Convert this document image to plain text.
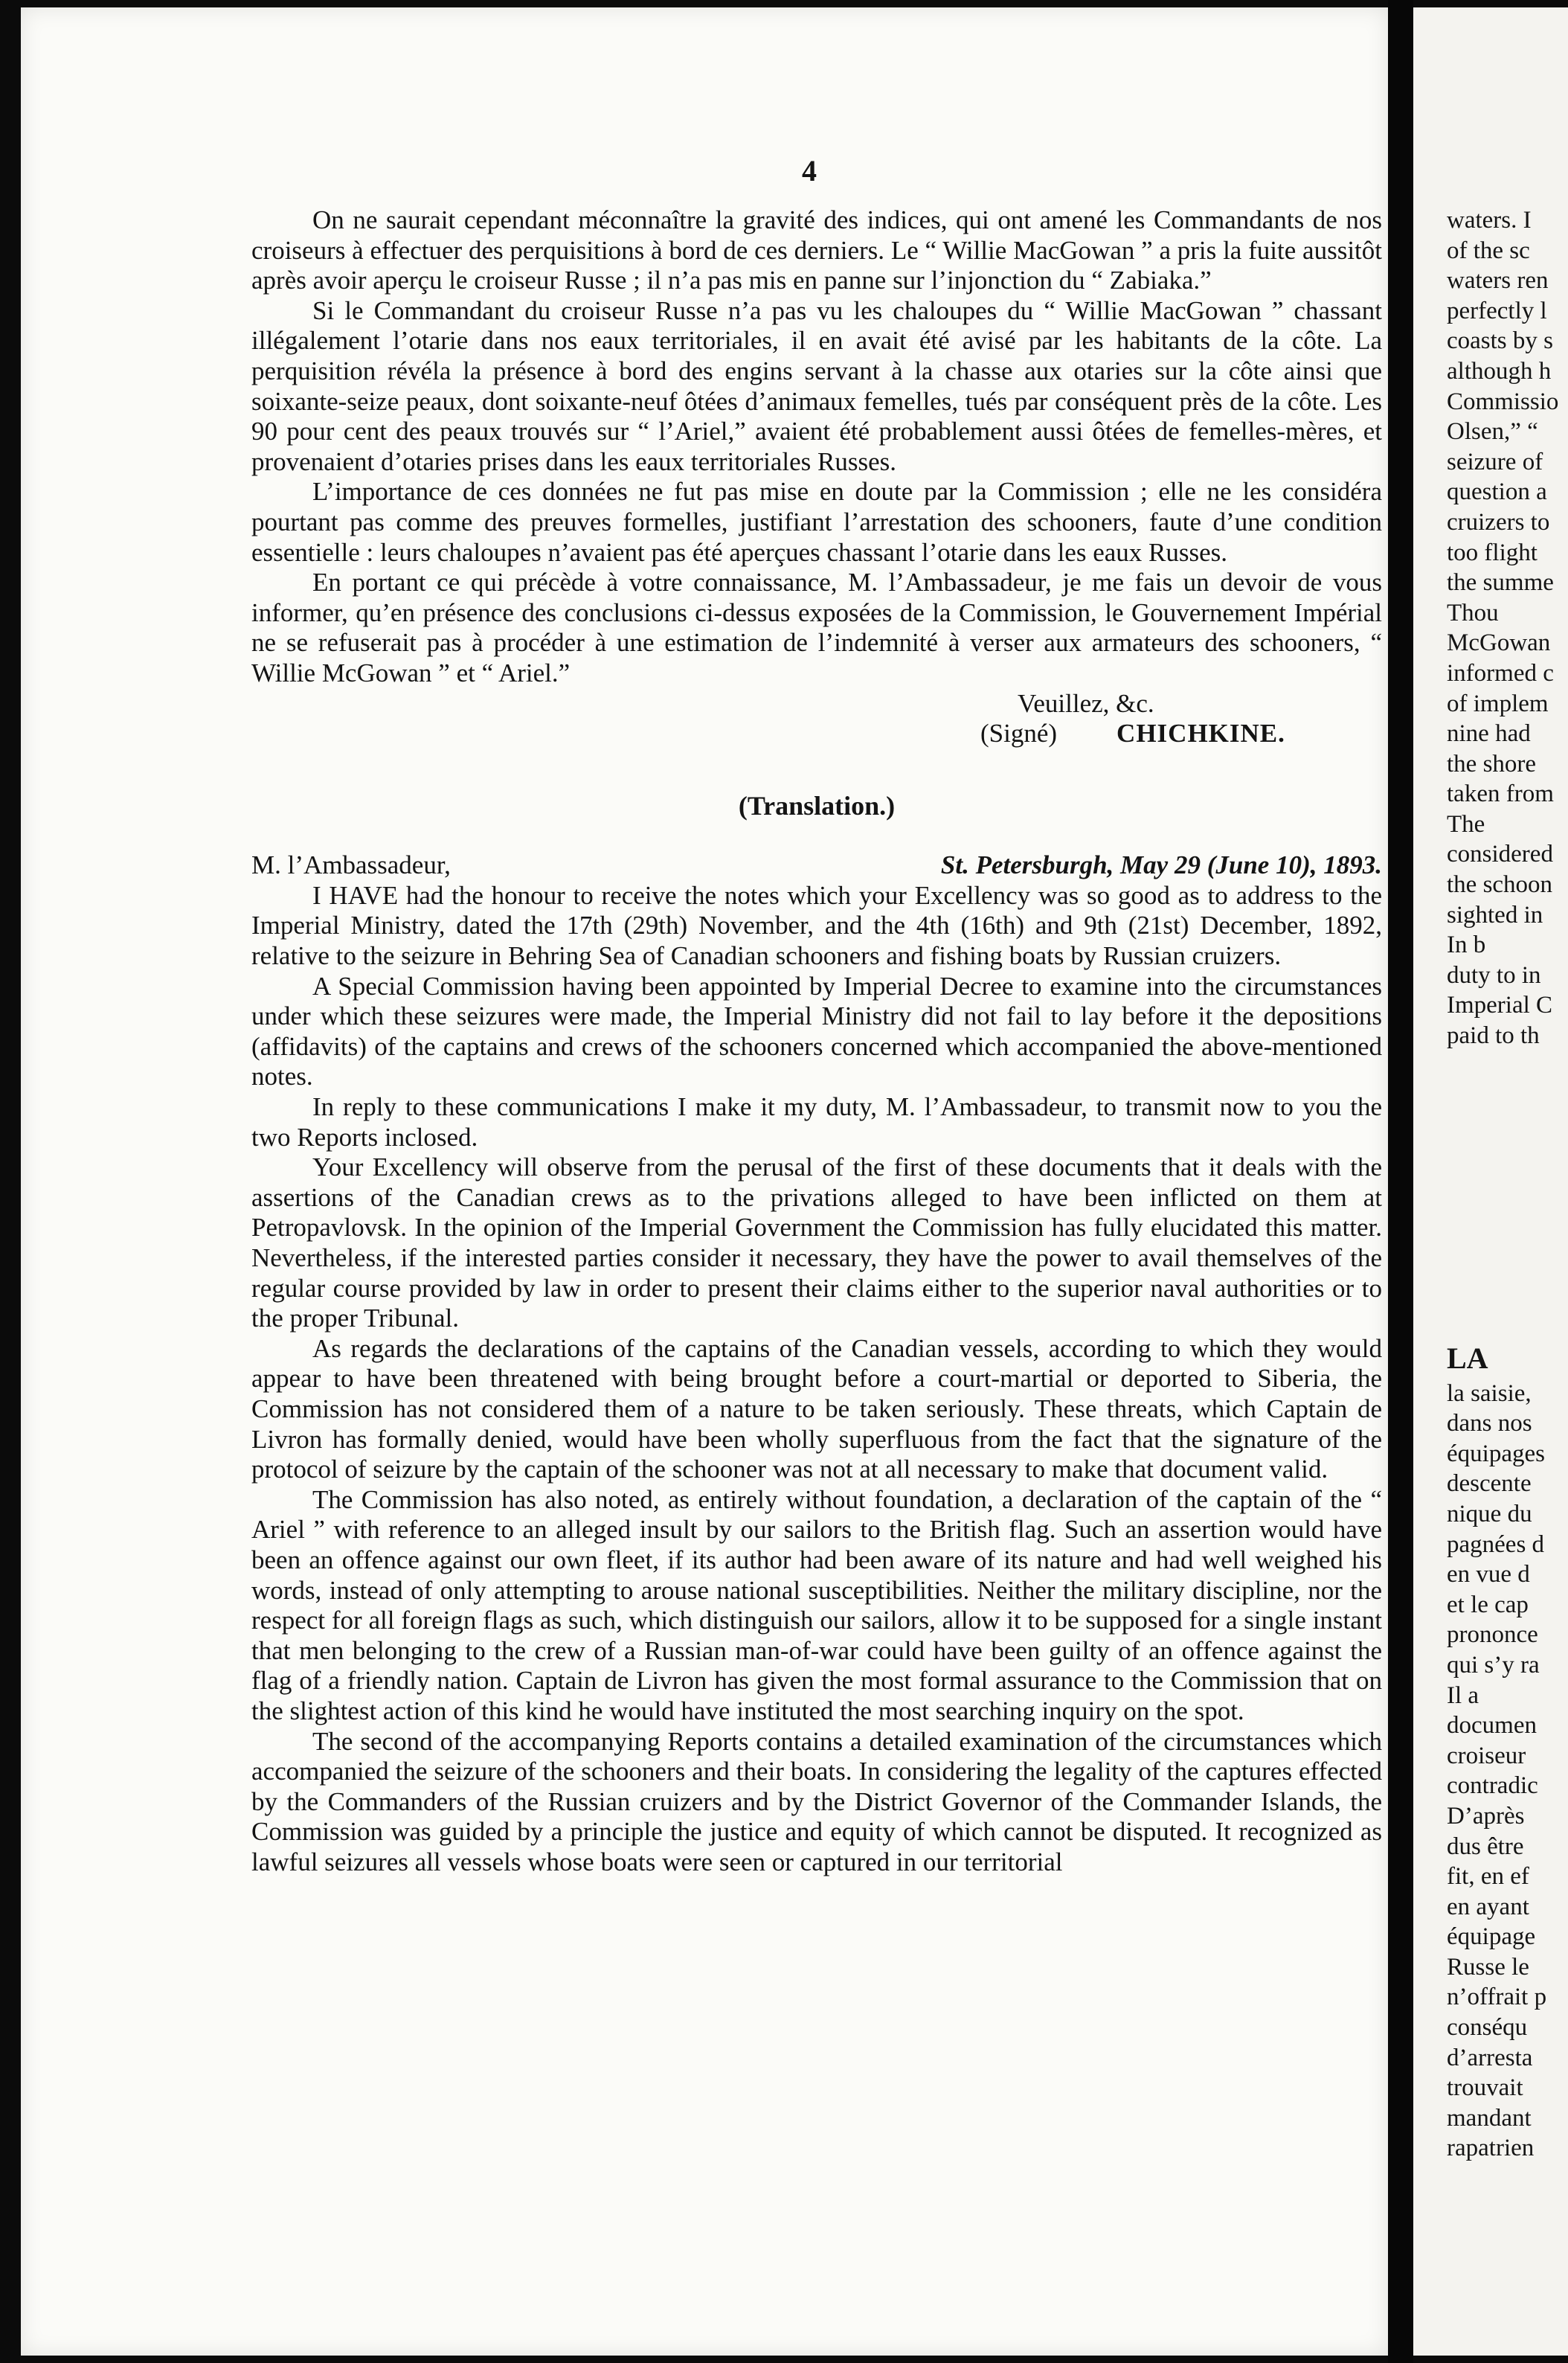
4

On ne saurait cependant méconnaître la gravité des indices, qui ont amené les Commandants de nos croiseurs à effectuer des perquisitions à bord de ces derniers. Le “ Willie MacGowan ” a pris la fuite aussitôt après avoir aperçu le croiseur Russe ; il n’a pas mis en panne sur l’injonction du “ Zabiaka.”

Si le Commandant du croiseur Russe n’a pas vu les chaloupes du “ Willie MacGowan ” chassant illégalement l’otarie dans nos eaux territoriales, il en avait été avisé par les habitants de la côte. La perquisition révéla la présence à bord des engins servant à la chasse aux otaries sur la côte ainsi que soixante-seize peaux, dont soixante-neuf ôtées d’animaux femelles, tués par conséquent près de la côte. Les 90 pour cent des peaux trouvés sur “ l’Ariel,” avaient été probablement aussi ôtées de femelles-mères, et provenaient d’otaries prises dans les eaux territoriales Russes.

L’importance de ces données ne fut pas mise en doute par la Commission ; elle ne les considéra pourtant pas comme des preuves formelles, justifiant l’arrestation des schooners, faute d’une condition essentielle : leurs chaloupes n’avaient pas été aperçues chassant l’otarie dans les eaux Russes.

En portant ce qui précède à votre connaissance, M. l’Ambassadeur, je me fais un devoir de vous informer, qu’en présence des conclusions ci-dessus exposées de la Commission, le Gouvernement Impérial ne se refuserait pas à procéder à une estimation de l’indemnité à verser aux armateurs des schooners, “ Willie McGowan ” et “ Ariel.”

Veuillez, &c.

(Signé) CHICHKINE.

(Translation.)

M. l’Ambassadeur,	St. Petersburgh, May 29 (June 10), 1893.

I HAVE had the honour to receive the notes which your Excellency was so good as to address to the Imperial Ministry, dated the 17th (29th) November, and the 4th (16th) and 9th (21st) December, 1892, relative to the seizure in Behring Sea of Canadian schooners and fishing boats by Russian cruizers.

A Special Commission having been appointed by Imperial Decree to examine into the circumstances under which these seizures were made, the Imperial Ministry did not fail to lay before it the depositions (affidavits) of the captains and crews of the schooners concerned which accompanied the above-mentioned notes.

In reply to these communications I make it my duty, M. l’Ambassadeur, to transmit now to you the two Reports inclosed.

Your Excellency will observe from the perusal of the first of these documents that it deals with the assertions of the Canadian crews as to the privations alleged to have been inflicted on them at Petropavlovsk. In the opinion of the Imperial Government the Commission has fully elucidated this matter. Nevertheless, if the interested parties consider it necessary, they have the power to avail themselves of the regular course provided by law in order to present their claims either to the superior naval authorities or to the proper Tribunal.

As regards the declarations of the captains of the Canadian vessels, according to which they would appear to have been threatened with being brought before a court-martial or deported to Siberia, the Commission has not considered them of a nature to be taken seriously. These threats, which Captain de Livron has formally denied, would have been wholly superfluous from the fact that the signature of the protocol of seizure by the captain of the schooner was not at all necessary to make that document valid.

The Commission has also noted, as entirely without foundation, a declaration of the captain of the “ Ariel ” with reference to an alleged insult by our sailors to the British flag. Such an assertion would have been an offence against our own fleet, if its author had been aware of its nature and had well weighed his words, instead of only attempting to arouse national susceptibilities. Neither the military discipline, nor the respect for all foreign flags as such, which distinguish our sailors, allow it to be supposed for a single instant that men belonging to the crew of a Russian man-of-war could have been guilty of an offence against the flag of a friendly nation. Captain de Livron has given the most formal assurance to the Commission that on the slightest action of this kind he would have instituted the most searching inquiry on the spot.

The second of the accompanying Reports contains a detailed examination of the circumstances which accompanied the seizure of the schooners and their boats. In considering the legality of the captures effected by the Commanders of the Russian cruizers and by the District Governor of the Commander Islands, the Commission was guided by a principle the justice and equity of which cannot be disputed. It recognized as lawful seizures all vessels whose boats were seen or captured in our territorial

waters. I
of the sc
waters ren
perfectly l
coasts by s
although h
Commissio
Olsen,” “
seizure of
question a
cruizers to
too flight
the summe
Thou
McGowan
informed c
of implem
nine had
the shore
taken from
The
considered
the schoon
sighted in
In b
duty to in
Imperial C
paid to th
LA
la saisie,
dans nos
équipages
descente
nique du
pagnées d
en vue d
et le cap
prononce
qui s’y ra
Il a
documen
croiseur
contradic
D’après
dus être
fit, en ef
en ayant
équipage
Russe le
n’offrait p
conséqu
d’arresta
trouvait
mandant
rapatrien
